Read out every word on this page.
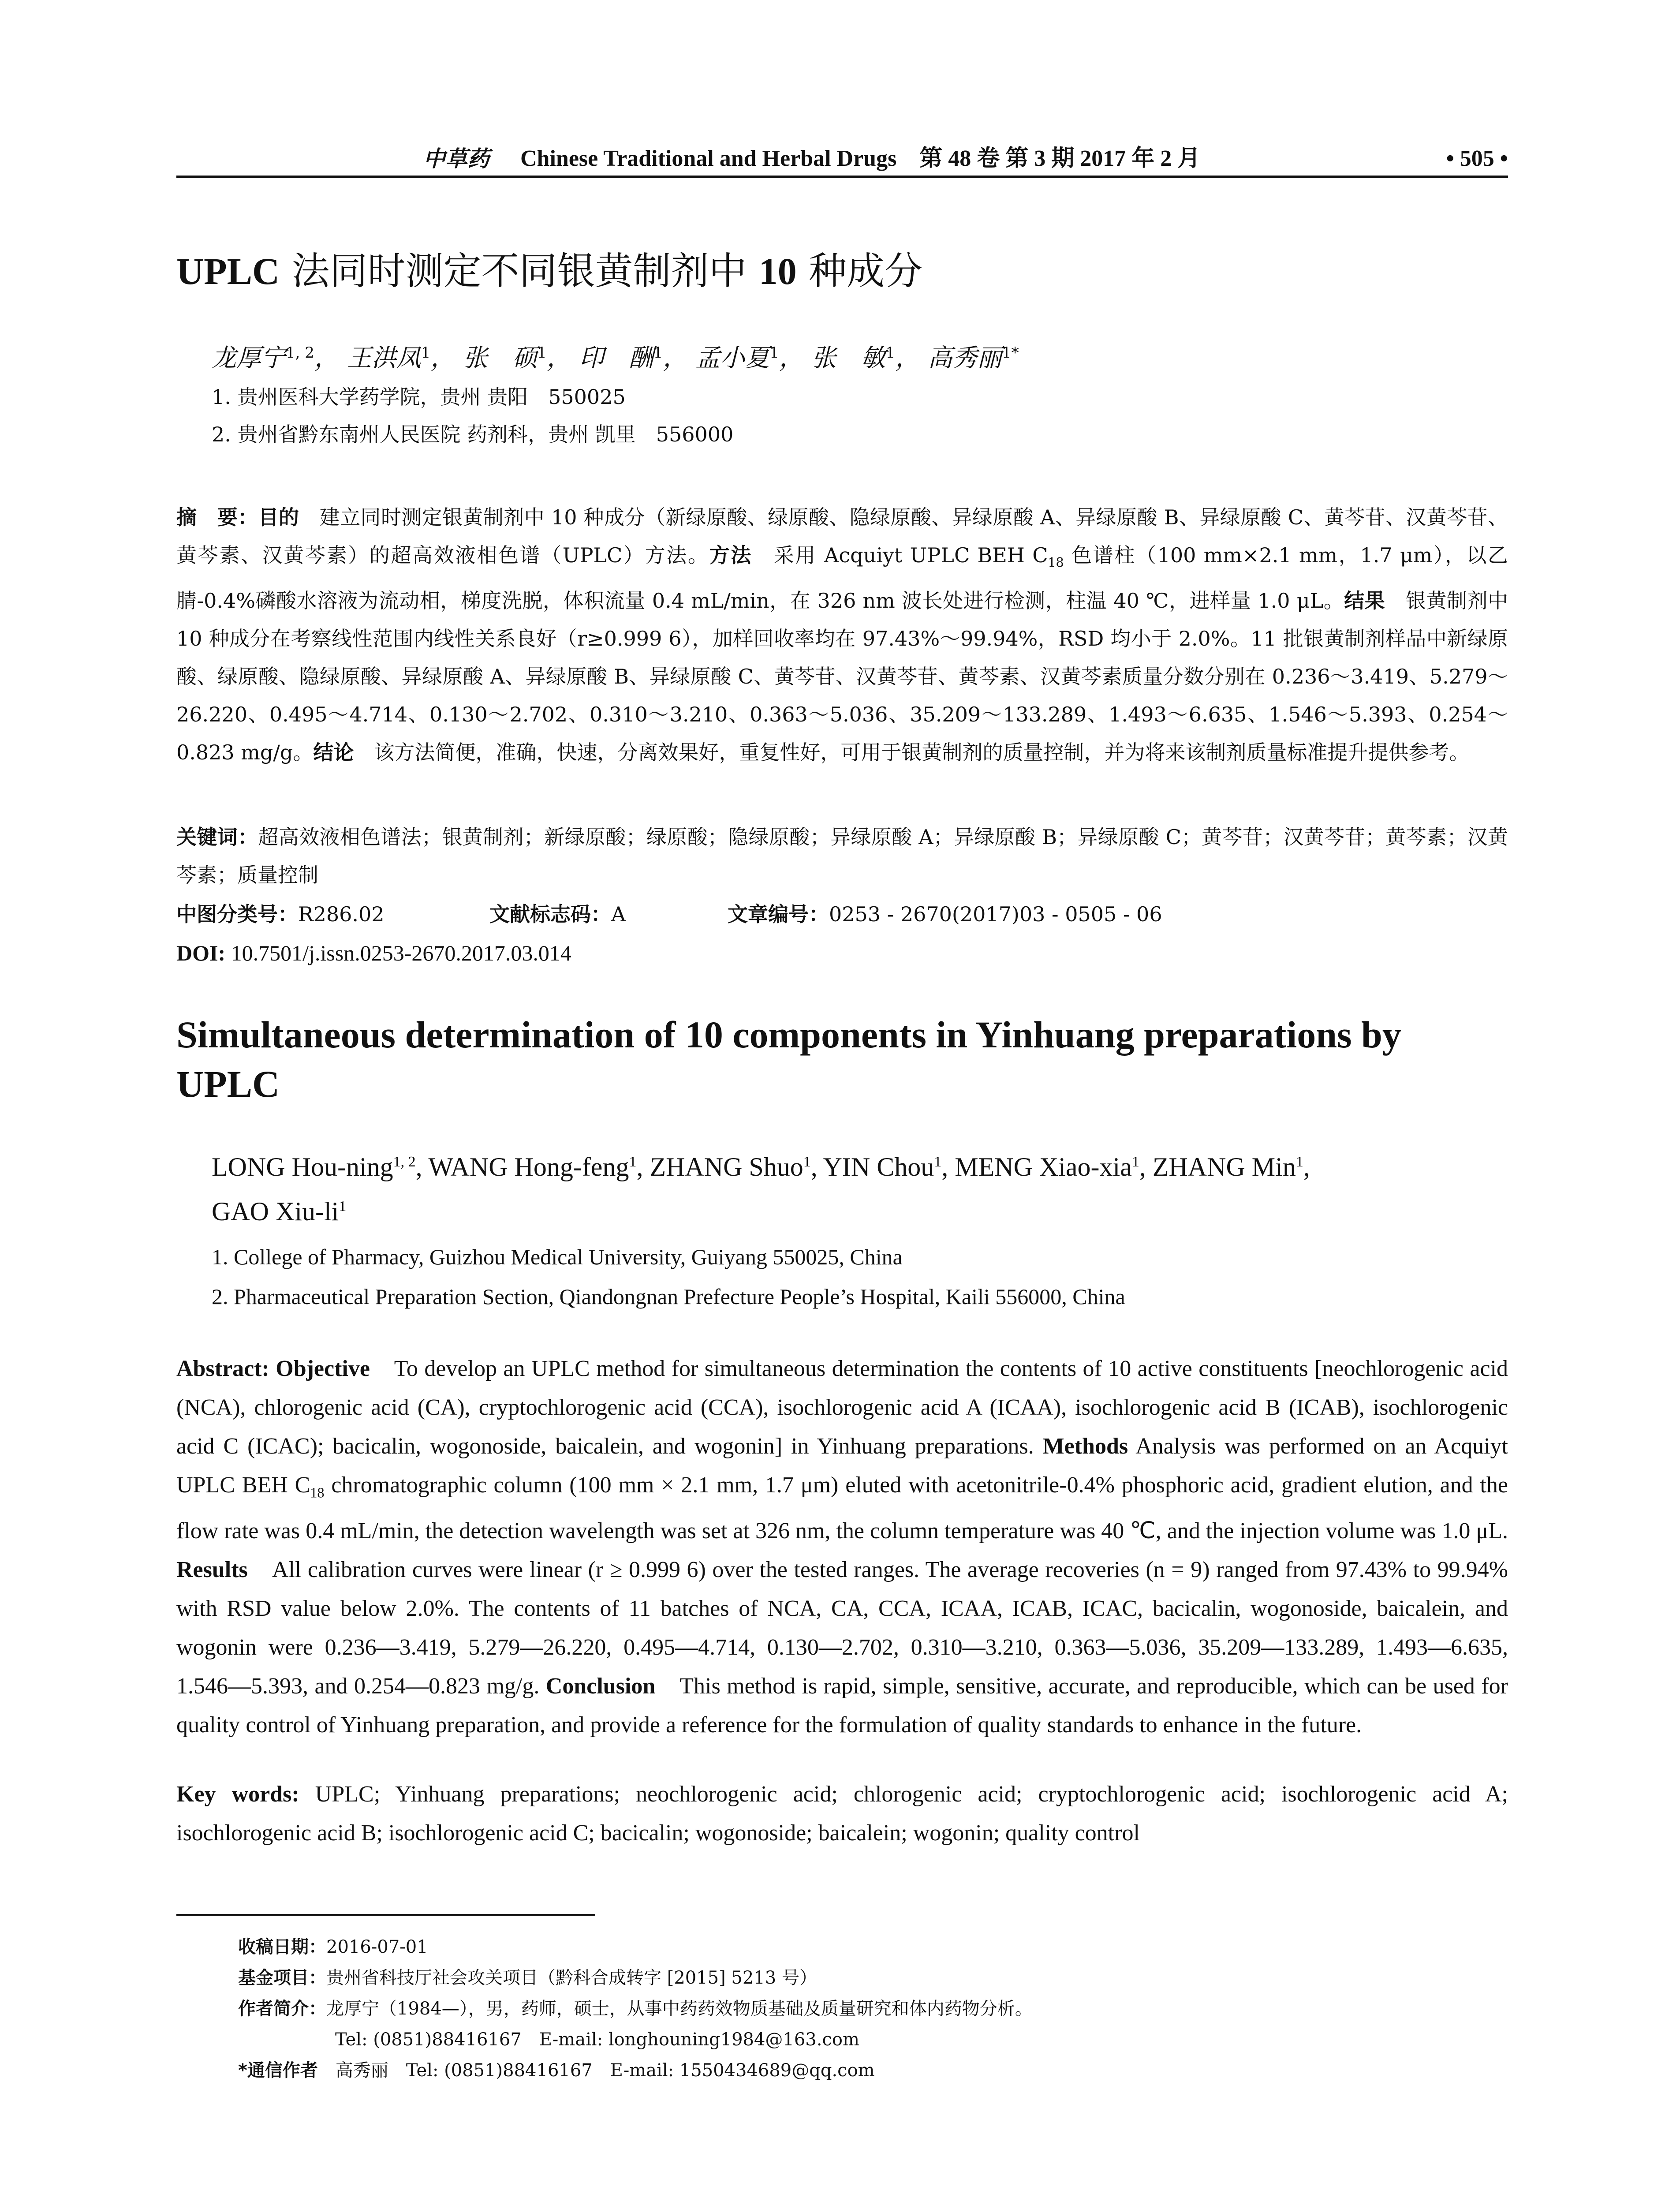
中草药 Chinese Traditional and Herbal Drugs　第 48 卷 第 3 期 2017 年 2 月	• 505 •
UPLC 法同时测定不同银黄制剂中 10 种成分
龙厚宁$^{1, 2}$， 王洪凤$^1$， 张　硕$^1$， 印　酬$^1$， 孟小夏$^1$， 张　敏$^1$， 高秀丽$^{1*}$
1. 贵州医科大学药学院，贵州 贵阳　550025
2. 贵州省黔东南州人民医院 药剂科，贵州 凯里　556000
摘　要：目的　建立同时测定银黄制剂中 10 种成分（新绿原酸、绿原酸、隐绿原酸、异绿原酸 A、异绿原酸 B、异绿原酸 C、黄芩苷、汉黄芩苷、黄芩素、汉黄芩素）的超高效液相色谱（UPLC）方法。方法　采用 Acquiyt UPLC BEH $C_{18}$ 色谱柱（100 mm×2.1 mm，1.7 μm），以乙腈-0.4%磷酸水溶液为流动相，梯度洗脱，体积流量 0.4 mL/min，在 326 nm 波长处进行检测，柱温 40 ℃，进样量 1.0 μL。结果　银黄制剂中 10 种成分在考察线性范围内线性关系良好（r≥0.999 6），加样回收率均在 97.43%～99.94%，RSD 均小于 2.0%。11 批银黄制剂样品中新绿原酸、绿原酸、隐绿原酸、异绿原酸 A、异绿原酸 B、异绿原酸 C、黄芩苷、汉黄芩苷、黄芩素、汉黄芩素质量分数分别在 0.236～3.419、5.279～26.220、0.495～4.714、0.130～2.702、0.310～3.210、0.363～5.036、35.209～133.289、1.493～6.635、1.546～5.393、0.254～0.823 mg/g。结论　该方法简便，准确，快速，分离效果好，重复性好，可用于银黄制剂的质量控制，并为将来该制剂质量标准提升提供参考。
关键词：超高效液相色谱法；银黄制剂；新绿原酸；绿原酸；隐绿原酸；异绿原酸 A；异绿原酸 B；异绿原酸 C；黄芩苷；汉黄芩苷；黄芩素；汉黄芩素；质量控制
中图分类号：R286.02	文献标志码：A	文章编号：0253 - 2670(2017)03 - 0505 - 06
DOI: 10.7501/j.issn.0253-2670.2017.03.014
Simultaneous determination of 10 components in Yinhuang preparations by UPLC
LONG Hou-ning$^{1, 2}$, WANG Hong-feng$^1$, ZHANG Shuo$^1$, YIN Chou$^1$, MENG Xiao-xia$^1$, ZHANG Min$^1$,
GAO Xiu-$li^1$
1. College of Pharmacy, Guizhou Medical University, Guiyang 550025, China
2. Pharmaceutical Preparation Section, Qiandongnan Prefecture People’s Hospital, Kaili 556000, China
Abstract: Objective　To develop an UPLC method for simultaneous determination the contents of 10 active constituents [neochlorogenic acid (NCA), chlorogenic acid (CA), cryptochlorogenic acid (CCA), isochlorogenic acid A (ICAA), isochlorogenic acid B (ICAB), isochlorogenic acid C (ICAC); bacicalin, wogonoside, baicalein, and wogonin] in Yinhuang preparations. Methods Analysis was performed on an Acquiyt UPLC BEH $C_{18}$ chromatographic column (100 mm × 2.1 mm, 1.7 μm) eluted with acetonitrile-0.4% phosphoric acid, gradient elution, and the flow rate was 0.4 mL/min, the detection wavelength was set at 326 nm, the column temperature was 40 ℃, and the injection volume was 1.0 μL. Results　All calibration curves were linear (r ≥ 0.999 6) over the tested ranges. The average recoveries (n = 9) ranged from 97.43% to 99.94% with RSD value below 2.0%. The contents of 11 batches of NCA, CA, CCA, ICAA, ICAB, ICAC, bacicalin, wogonoside, baicalein, and wogonin were 0.236—3.419, 5.279—26.220, 0.495—4.714, 0.130—2.702, 0.310—3.210, 0.363—5.036, 35.209—133.289, 1.493—6.635, 1.546—5.393, and 0.254—0.823 mg/g. Conclusion　This method is rapid, simple, sensitive, accurate, and reproducible, which can be used for quality control of Yinhuang preparation, and provide a reference for the formulation of quality standards to enhance in the future.
Key words: UPLC; Yinhuang preparations; neochlorogenic acid; chlorogenic acid; cryptochlorogenic acid; isochlorogenic acid A; isochlorogenic acid B; isochlorogenic acid C; bacicalin; wogonoside; baicalein; wogonin; quality control
收稿日期：2016-07-01
基金项目：贵州省科技厅社会攻关项目（黔科合成转字 [2015] 5213 号）
作者简介：龙厚宁（1984—），男，药师，硕士，从事中药药效物质基础及质量研究和体内药物分析。
Tel: (0851)88416167　E-mail: longhouning1984@163.com
*通信作者　高秀丽　Tel: (0851)88416167　E-mail: 1550434689@qq.com
